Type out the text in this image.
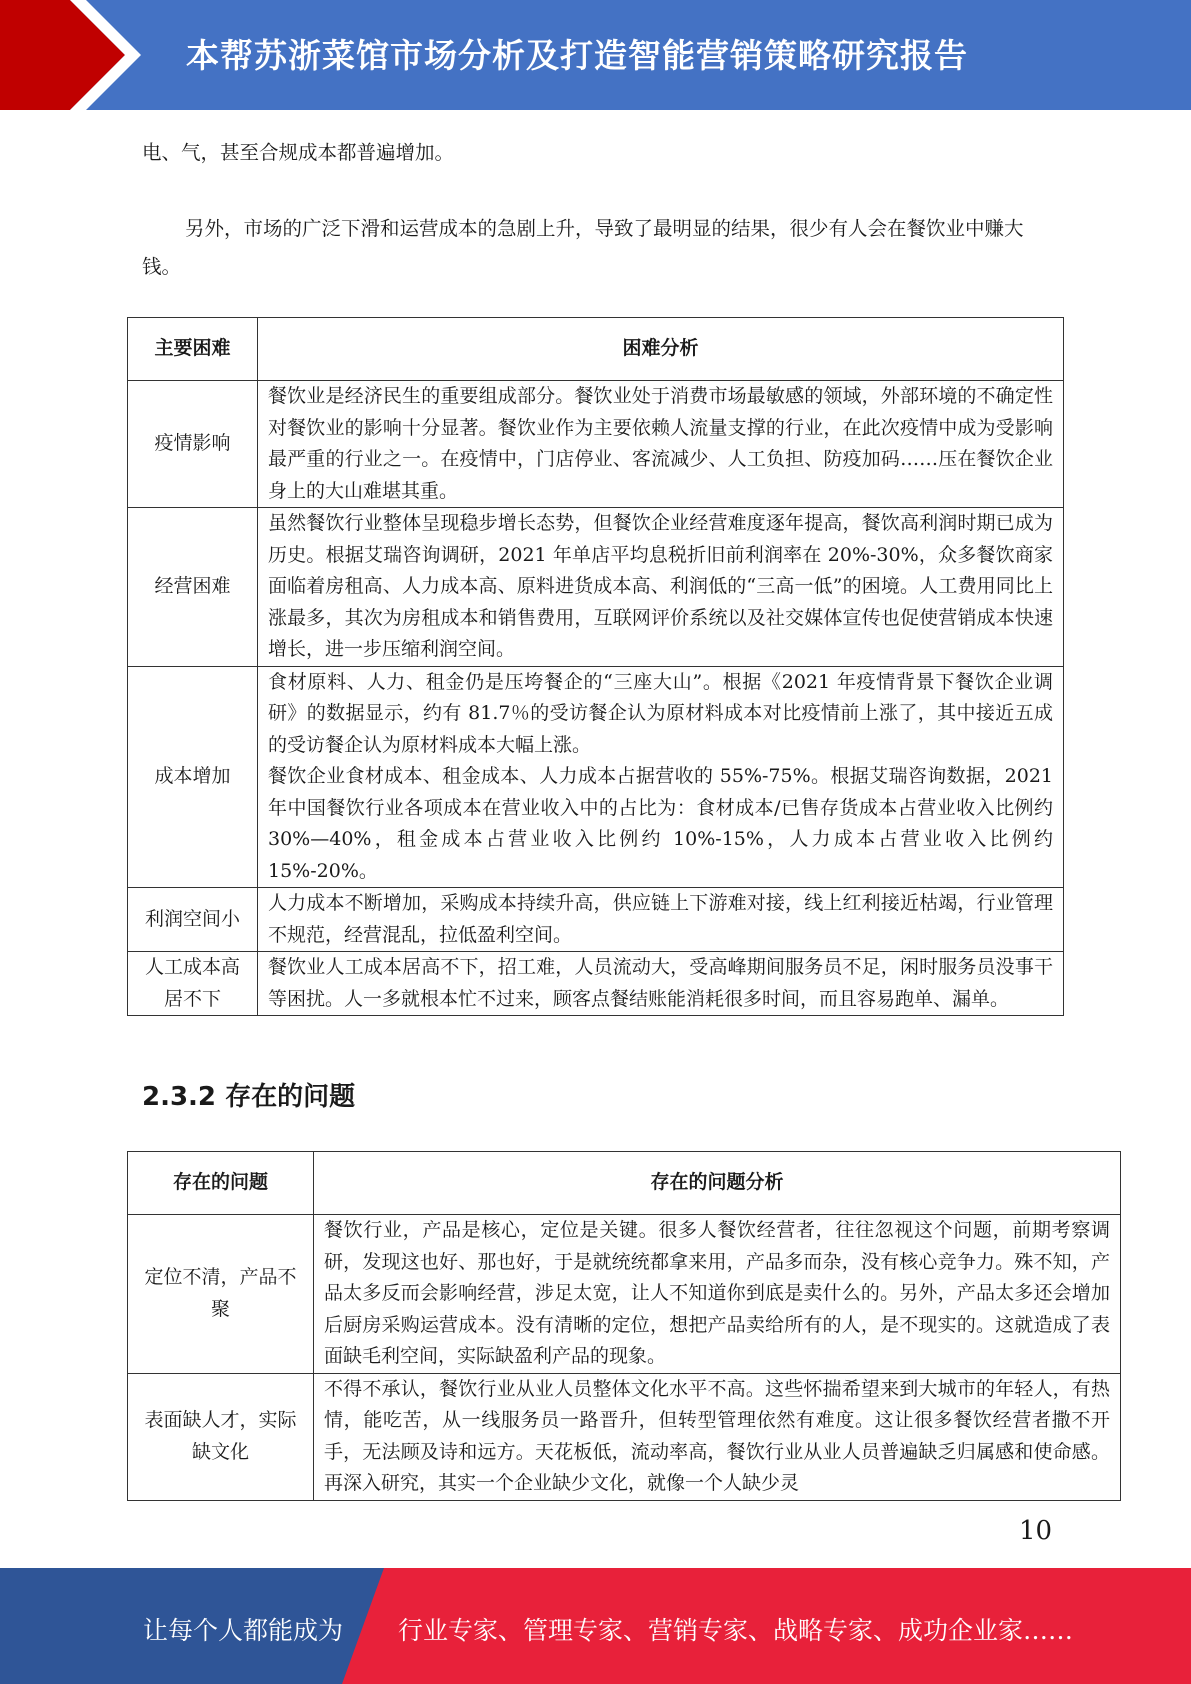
本帮苏浙菜馆市场分析及打造智能营销策略研究报告
电、气，甚至合规成本都普遍增加。
另外，市场的广泛下滑和运营成本的急剧上升，导致了最明显的结果，很少有人会在餐饮业中赚大钱。
主要困难	困难分析
疫情影响	餐饮业是经济民生的重要组成部分。餐饮业处于消费市场最敏感的领域，外部环境的不确定性对餐饮业的影响十分显著。餐饮业作为主要依赖人流量支撑的行业，在此次疫情中成为受影响最严重的行业之一。在疫情中，门店停业、客流减少、人工负担、防疫加码……压在餐饮企业身上的大山难堪其重。

经营困难	虽然餐饮行业整体呈现稳步增长态势，但餐饮企业经营难度逐年提高，餐饮高利润时期已成为历史。根据艾瑞咨询调研，2021 年单店平均息税折旧前利润率在 20%-30%，众多餐饮商家面临着房租高、人力成本高、原料进货成本高、利润低的“三高一低”的困境。人工费用同比上涨最多，其次为房租成本和销售费用，互联网评价系统以及社交媒体宣传也促使营销成本快速增长，进一步压缩利润空间。

成本增加	食材原料、人力、租金仍是压垮餐企的“三座大山”。根据《2021 年疫情背景下餐饮企业调研》的数据显示，约有 81.7％的受访餐企认为原材料成本对比疫情前上涨了，其中接近五成的受访餐企认为原材料成本大幅上涨。
餐饮企业食材成本、租金成本、人力成本占据营收的 55%-75%。根据艾瑞咨询数据，2021 年中国餐饮行业各项成本在营业收入中的占比为：食材成本/已售存货成本占营业收入比例约 30%—40%，租金成本占营业收入比例约 10%-15%，人力成本占营业收入比例约 15%-20%。

利润空间小	人力成本不断增加，采购成本持续升高，供应链上下游难对接，线上红利接近枯竭，行业管理不规范，经营混乱，拉低盈利空间。

人工成本高居不下	餐饮业人工成本居高不下，招工难，人员流动大，受高峰期间服务员不足，闲时服务员没事干等困扰。人一多就根本忙不过来，顾客点餐结账能消耗很多时间，而且容易跑单、漏单。
2.3.2 存在的问题
存在的问题	存在的问题分析
定位不清，产品不聚	餐饮行业，产品是核心，定位是关键。很多人餐饮经营者，往往忽视这个问题，前期考察调研，发现这也好、那也好，于是就统统都拿来用，产品多而杂，没有核心竞争力。殊不知，产品太多反而会影响经营，涉足太宽，让人不知道你到底是卖什么的。另外，产品太多还会增加后厨房采购运营成本。没有清晰的定位，想把产品卖给所有的人，是不现实的。这就造成了表面缺毛利空间，实际缺盈利产品的现象。

表面缺人才，实际缺文化	不得不承认，餐饮行业从业人员整体文化水平不高。这些怀揣希望来到大城市的年轻人，有热情，能吃苦，从一线服务员一路晋升，但转型管理依然有难度。这让很多餐饮经营者撒不开手，无法顾及诗和远方。天花板低，流动率高，餐饮行业从业人员普遍缺乏归属感和使命感。再深入研究，其实一个企业缺少文化，就像一个人缺少灵
10
让每个人都能成为 行业专家、管理专家、营销专家、战略专家、成功企业家……
